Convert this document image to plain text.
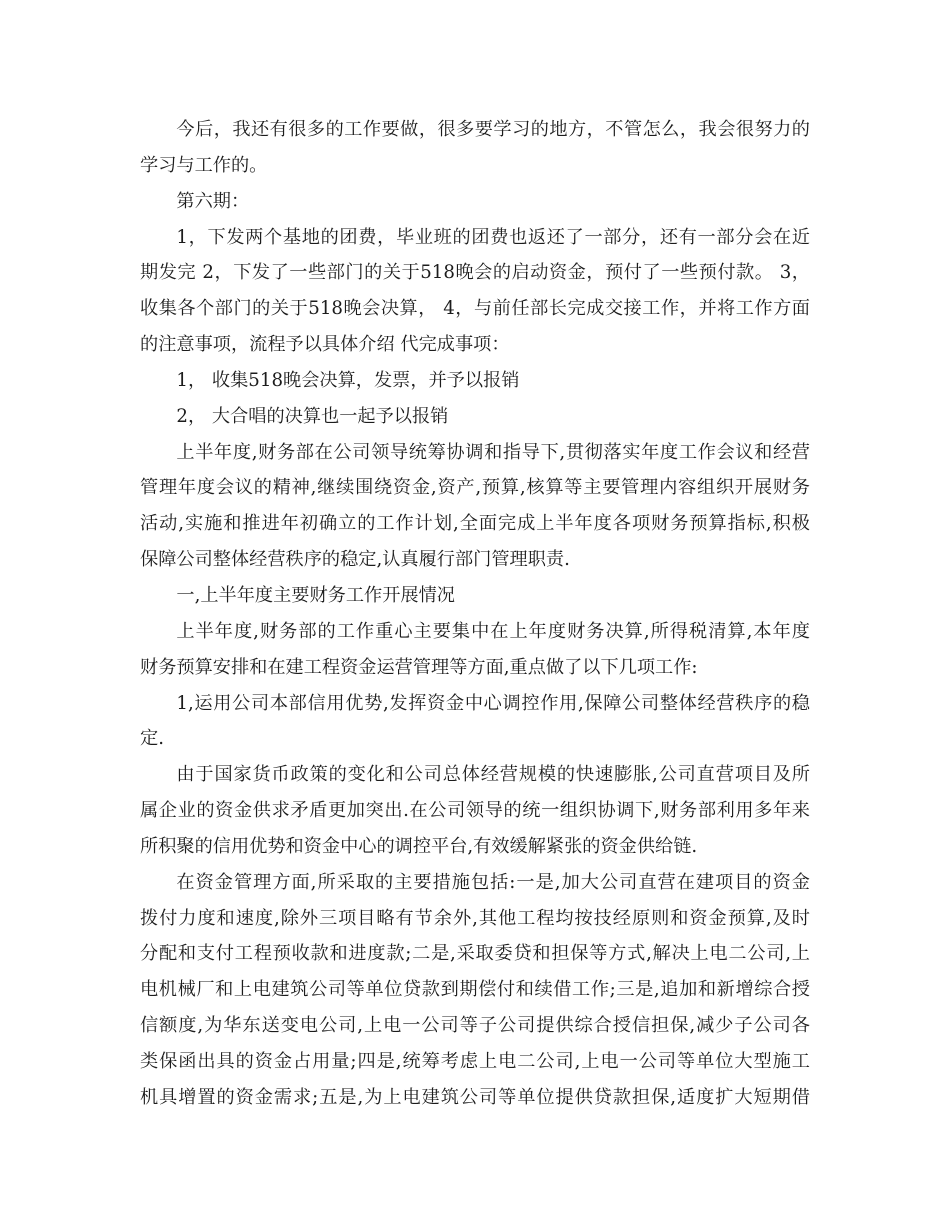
今后，我还有很多的工作要做，很多要学习的地方，不管怎么，我会很努力的
学习与工作的。
第六期：
1，下发两个基地的团费，毕业班的团费也返还了一部分，还有一部分会在近
期发完 2，下发了一些部门的关于518晚会的启动资金，预付了一些预付款。 3，
收集各个部门的关于518晚会决算， 4，与前任部长完成交接工作，并将工作方面
的注意事项，流程予以具体介绍 代完成事项：
1， 收集518晚会决算，发票，并予以报销
2， 大合唱的决算也一起予以报销
上半年度,财务部在公司领导统筹协调和指导下,贯彻落实年度工作会议和经营
管理年度会议的精神,继续围绕资金,资产,预算,核算等主要管理内容组织开展财务
活动,实施和推进年初确立的工作计划,全面完成上半年度各项财务预算指标,积极
保障公司整体经营秩序的稳定,认真履行部门管理职责.
一,上半年度主要财务工作开展情况
上半年度,财务部的工作重心主要集中在上年度财务决算,所得税清算,本年度
财务预算安排和在建工程资金运营管理等方面,重点做了以下几项工作:
1,运用公司本部信用优势,发挥资金中心调控作用,保障公司整体经营秩序的稳
定.
由于国家货币政策的变化和公司总体经营规模的快速膨胀,公司直营项目及所
属企业的资金供求矛盾更加突出.在公司领导的统一组织协调下,财务部利用多年来
所积聚的信用优势和资金中心的调控平台,有效缓解紧张的资金供给链.
在资金管理方面,所采取的主要措施包括:一是,加大公司直营在建项目的资金
拨付力度和速度,除外三项目略有节余外,其他工程均按技经原则和资金预算,及时
分配和支付工程预收款和进度款;二是,采取委贷和担保等方式,解决上电二公司,上
电机械厂和上电建筑公司等单位贷款到期偿付和续借工作;三是,追加和新增综合授
信额度,为华东送变电公司,上电一公司等子公司提供综合授信担保,减少子公司各
类保函出具的资金占用量;四是,统筹考虑上电二公司,上电一公司等单位大型施工
机具增置的资金需求;五是,为上电建筑公司等单位提供贷款担保,适度扩大短期借
